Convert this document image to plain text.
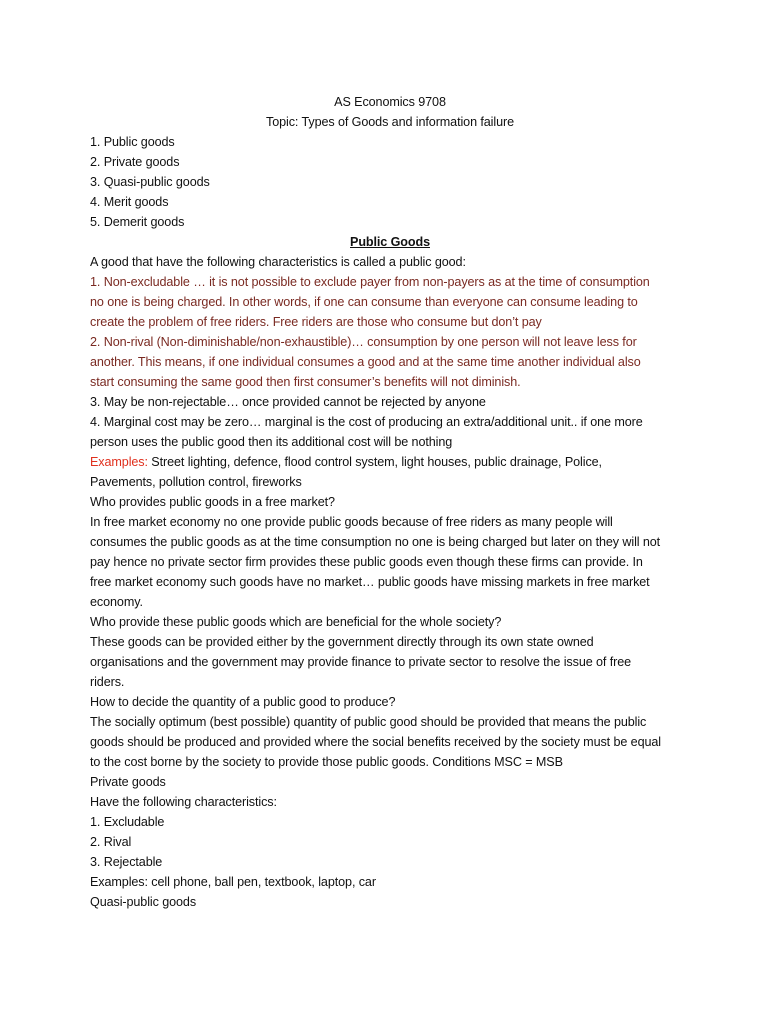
AS Economics 9708
Topic: Types of Goods and information failure
1. Public goods
2. Private goods
3. Quasi-public goods
4. Merit goods
5. Demerit goods
Public Goods
A good that have the following characteristics is called a public good:
1. Non-excludable … it is not possible to exclude payer from non-payers as at the time of consumption
no one is being charged. In other words, if one can consume than everyone can consume leading to
create the problem of free riders. Free riders are those who consume but don’t pay
2. Non-rival (Non-diminishable/non-exhaustible)… consumption by one person will not leave less for
another. This means, if one individual consumes a good and at the same time another individual also
start consuming the same good then first consumer’s benefits will not diminish.
3. May be non-rejectable… once provided cannot be rejected by anyone
4. Marginal cost may be zero… marginal is the cost of producing an extra/additional unit.. if one more
person uses the public good then its additional cost will be nothing
Examples: Street lighting, defence, flood control system, light houses, public drainage, Police,
Pavements, pollution control, fireworks
Who provides public goods in a free market?
In free market economy no one provide public goods because of free riders as many people will
consumes the public goods as at the time consumption no one is being charged but later on they will not
pay hence no private sector firm provides these public goods even though these firms can provide. In
free market economy such goods have no market… public goods have missing markets in free market
economy.
Who provide these public goods which are beneficial for the whole society?
These goods can be provided either by the government directly through its own state owned
organisations and the government may provide finance to private sector to resolve the issue of free
riders.
How to decide the quantity of a public good to produce?
The socially optimum (best possible) quantity of public good should be provided that means the public
goods should be produced and provided where the social benefits received by the society must be equal
to the cost borne by the society to provide those public goods. Conditions MSC = MSB
Private goods
Have the following characteristics:
1. Excludable
2. Rival
3. Rejectable
Examples: cell phone, ball pen, textbook, laptop, car
Quasi-public goods
